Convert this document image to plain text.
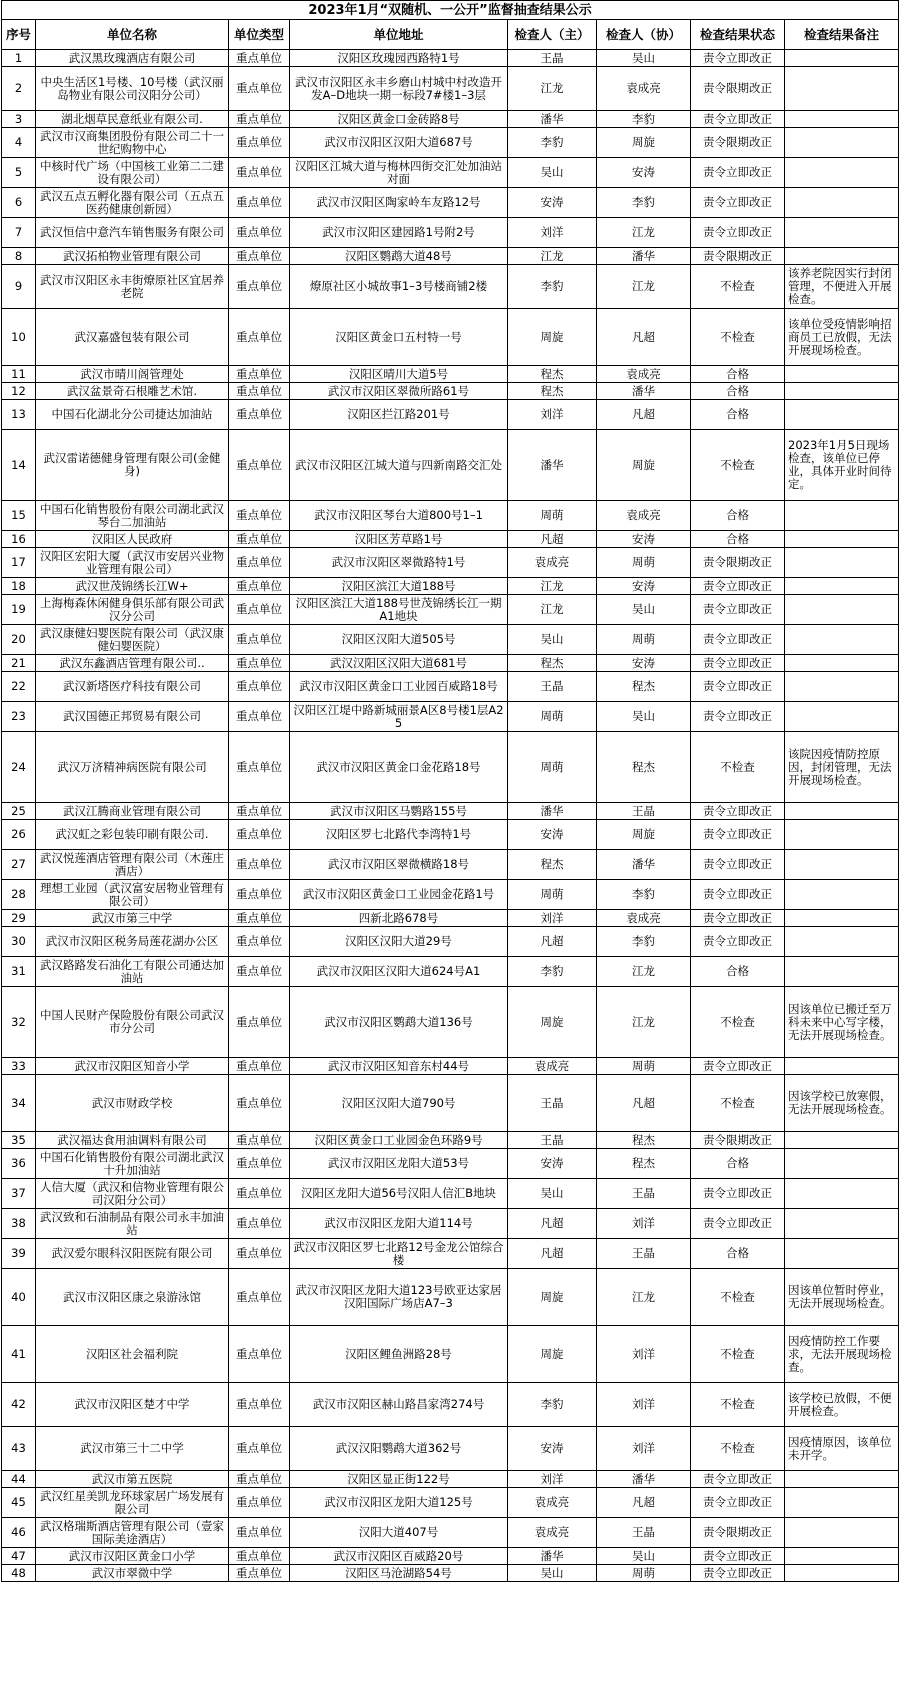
2023年1月“双随机、一公开”监督抽查结果公示							
序号	单位名称	单位类型	单位地址	检查人（主）	检查人（协）	检查结果状态	检查结果备注
1	武汉黑玫瑰酒店有限公司	重点单位	汉阳区玫瑰园西路特1号	王晶	吴山	责令立即改正	
2	中央生活区1号楼、10号楼（武汉丽岛物业有限公司汉阳分公司）	重点单位	武汉市汉阳区永丰乡磨山村城中村改造开发A–D地块一期一标段7#楼1–3层	江龙	袁成亮	责令限期改正	
3	湖北烟草民意纸业有限公司.	重点单位	汉阳区黄金口金砖路8号	潘华	李豹	责令立即改正	
4	武汉市汉商集团股份有限公司二十一世纪购物中心	重点单位	武汉市汉阳区汉阳大道687号	李豹	周旋	责令限期改正	
5	中核时代广场（中国核工业第二二建设有限公司）	重点单位	汉阳区江城大道与梅林四街交汇处加油站对面	吴山	安涛	责令立即改正	
6	武汉五点五孵化器有限公司（五点五医药健康创新园）	重点单位	武汉市汉阳区陶家岭车友路12号	安涛	李豹	责令立即改正	
7	武汉恒信中意汽车销售服务有限公司	重点单位	武汉市汉阳区建园路1号附2号	刘洋	江龙	责令立即改正	
8	武汉拓柏物业管理有限公司	重点单位	汉阳区鹦鹉大道48号	江龙	潘华	责令限期改正	
9	武汉市汉阳区永丰街燎原社区宜居养老院	重点单位	燎原社区小城故事1–3号楼商铺2楼	李豹	江龙	不检查	该养老院因实行封闭管理，不便进入开展检查。
10	武汉嘉盛包装有限公司	重点单位	汉阳区黄金口五村特一号	周旋	凡超	不检查	该单位受疫情影响招商员工已放假，无法开展现场检查。
11	武汉市晴川阁管理处	重点单位	汉阳区晴川大道5号	程杰	袁成亮	合格	
12	武汉盆景奇石根雕艺术馆.	重点单位	武汉市汉阳区翠微所路61号	程杰	潘华	合格	
13	中国石化湖北分公司捷达加油站	重点单位	汉阳区拦江路201号	刘洋	凡超	合格	
14	武汉雷诺德健身管理有限公司(金健身)	重点单位	武汉市汉阳区江城大道与四新南路交汇处	潘华	周旋	不检查	2023年1月5日现场检查，该单位已停业，具体开业时间待定。
15	中国石化销售股份有限公司湖北武汉琴台二加油站	重点单位	武汉市汉阳区琴台大道800号1–1	周萌	袁成亮	合格	
16	汉阳区人民政府	重点单位	汉阳区芳草路1号	凡超	安涛	合格	
17	汉阳区宏阳大厦（武汉市安居兴业物业管理有限公司）	重点单位	武汉市汉阳区翠微路特1号	袁成亮	周萌	责令限期改正	
18	武汉世茂锦绣长江W+	重点单位	汉阳区滨江大道188号	江龙	安涛	责令立即改正	
19	上海梅森休闲健身俱乐部有限公司武汉分公司	重点单位	汉阳区滨江大道188号世茂锦绣长江一期A1地块	江龙	吴山	责令立即改正	
20	武汉康健妇婴医院有限公司（武汉康健妇婴医院）	重点单位	汉阳区汉阳大道505号	吴山	周萌	责令立即改正	
21	武汉东鑫酒店管理有限公司..	重点单位	武汉汉阳区汉阳大道681号	程杰	安涛	责令立即改正	
22	武汉新塔医疗科技有限公司	重点单位	武汉市汉阳区黄金口工业园百威路18号	王晶	程杰	责令立即改正	
23	武汉国德正邦贸易有限公司	重点单位	汉阳区江堤中路新城丽景A区8号楼1层A25	周萌	吴山	责令立即改正	
24	武汉万济精神病医院有限公司	重点单位	武汉市汉阳区黄金口金花路18号	周萌	程杰	不检查	该院因疫情防控原因，封闭管理，无法开展现场检查。
25	武汉江腾商业管理有限公司	重点单位	武汉市汉阳区马鹦路155号	潘华	王晶	责令立即改正	
26	武汉虹之彩包装印刷有限公司.	重点单位	汉阳区罗七北路代李湾特1号	安涛	周旋	责令立即改正	
27	武汉悦莲酒店管理有限公司（木莲庄酒店）	重点单位	武汉市汉阳区翠微横路18号	程杰	潘华	责令立即改正	
28	理想工业园（武汉富安居物业管理有限公司）	重点单位	武汉市汉阳区黄金口工业园金花路1号	周萌	李豹	责令立即改正	
29	武汉市第三中学	重点单位	四新北路678号	刘洋	袁成亮	责令立即改正	
30	武汉市汉阳区税务局莲花湖办公区	重点单位	汉阳区汉阳大道29号	凡超	李豹	责令立即改正	
31	武汉路路发石油化工有限公司通达加油站	重点单位	武汉市汉阳区汉阳大道624号A1	李豹	江龙	合格	
32	中国人民财产保险股份有限公司武汉市分公司	重点单位	武汉市汉阳区鹦鹉大道136号	周旋	江龙	不检查	因该单位已搬迁至万科未来中心写字楼，无法开展现场检查。
33	武汉市汉阳区知音小学	重点单位	武汉市汉阳区知音东村44号	袁成亮	周萌	责令立即改正	
34	武汉市财政学校	重点单位	汉阳区汉阳大道790号	王晶	凡超	不检查	因该学校已放寒假，无法开展现场检查。
35	武汉福达食用油调料有限公司	重点单位	汉阳区黄金口工业园金色环路9号	王晶	程杰	责令限期改正	
36	中国石化销售股份有限公司湖北武汉十升加油站	重点单位	武汉市汉阳区龙阳大道53号	安涛	程杰	合格	
37	人信大厦（武汉和信物业管理有限公司汉阳分公司）	重点单位	汉阳区龙阳大道56号汉阳人信汇B地块	吴山	王晶	责令立即改正	
38	武汉致和石油制品有限公司永丰加油站	重点单位	武汉市汉阳区龙阳大道114号	凡超	刘洋	责令立即改正	
39	武汉爱尔眼科汉阳医院有限公司	重点单位	武汉市汉阳区罗七北路12号金龙公馆综合楼	凡超	王晶	合格	
40	武汉市汉阳区康之泉游泳馆	重点单位	武汉市汉阳区龙阳大道123号欧亚达家居汉阳国际广场店A7–3	周旋	江龙	不检查	因该单位暂时停业，无法开展现场检查。
41	汉阳区社会福利院	重点单位	汉阳区鲤鱼洲路28号	周旋	刘洋	不检查	因疫情防控工作要求，无法开展现场检查。
42	武汉市汉阳区楚才中学	重点单位	武汉市汉阳区赫山路昌家湾274号	李豹	刘洋	不检查	该学校已放假，不便开展检查。
43	武汉市第三十二中学	重点单位	武汉汉阳鹦鹉大道362号	安涛	刘洋	不检查	因疫情原因，该单位未开学。
44	武汉市第五医院	重点单位	汉阳区显正街122号	刘洋	潘华	责令立即改正	
45	武汉红星美凯龙环球家居广场发展有限公司	重点单位	武汉市汉阳区龙阳大道125号	袁成亮	凡超	责令立即改正	
46	武汉格瑞斯酒店管理有限公司（壹家国际美途酒店）	重点单位	汉阳大道407号	袁成亮	王晶	责令限期改正	
47	武汉市汉阳区黄金口小学	重点单位	武汉市汉阳区百威路20号	潘华	吴山	责令立即改正	
48	武汉市翠微中学	重点单位	汉阳区马沧湖路54号	吴山	周萌	责令立即改正	
